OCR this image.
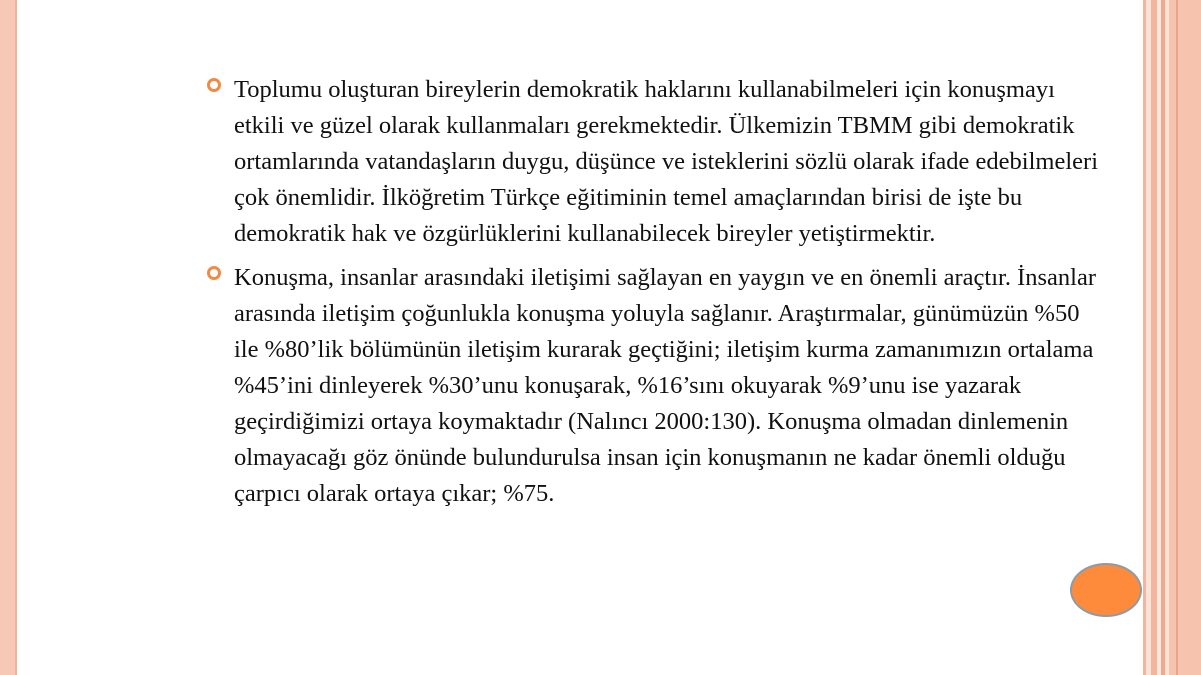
Toplumu oluşturan bireylerin demokratik haklarını kullanabilmeleri için konuşmayı etkili ve güzel olarak kullanmaları gerekmektedir. Ülkemizin TBMM gibi demokratik ortamlarında vatandaşların duygu, düşünce ve isteklerini sözlü olarak ifade edebilmeleri çok önemlidir. İlköğretim Türkçe eğitiminin temel amaçlarından birisi de işte bu demokratik hak ve özgürlüklerini kullanabilecek bireyler yetiştirmektir.

Konuşma, insanlar arasındaki iletişimi sağlayan en yaygın ve en önemli araçtır. İnsanlar arasında iletişim çoğunlukla konuşma yoluyla sağlanır. Araştırmalar, günümüzün %50 ile %80’lik bölümünün iletişim kurarak geçtiğini; iletişim kurma zamanımızın ortalama %45’ini dinleyerek %30’unu konuşarak, %16’sını okuyarak %9’unu ise yazarak geçirdiğimizi ortaya koymaktadır (Nalıncı 2000:130). Konuşma olmadan dinlemenin olmayacağı göz önünde bulundurulsa insan için konuşmanın ne kadar önemli olduğu çarpıcı olarak ortaya çıkar; %75.
